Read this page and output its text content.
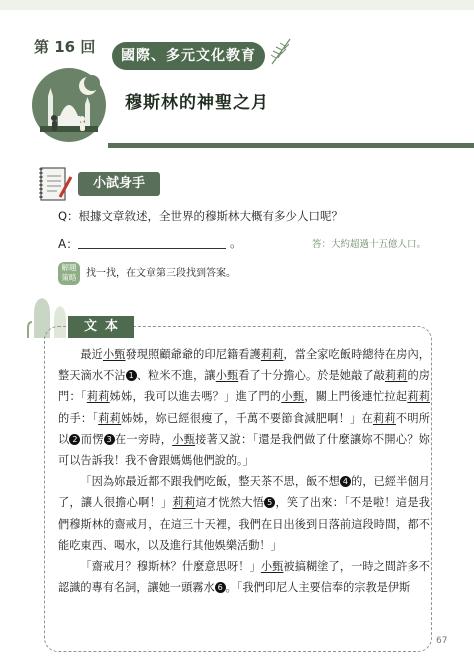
第 16 回	國際、多元文化教育
穆斯林的神聖之月
小試身手
Q：根據文章敘述，全世界的穆斯林大概有多少人口呢？
A：	。	答：大約超過十五億人口。
解題策略 找一找，在文章第三段找到答案。
文本

最近小甄發現照顧爺爺的印尼籍看護莉莉，當全家吃飯時總待在房內，整天滴水不沾 1 、粒米不進，讓小甄看了十分擔心。於是她敲了敲莉莉的房門：「莉莉姊姊，我可以進去嗎？」進了門的小甄，關上門後連忙拉起莉莉的手：「莉莉姊姊，妳已經很瘦了，千萬不要節食減肥啊！」在莉莉不明所以 2 而愣 3 在一旁時，小甄接著又說：「還是我們做了什麼讓妳不開心？妳可以告訴我！我不會跟媽媽他們說的。」

「因為妳最近都不跟我們吃飯，整天茶不思，飯不想 4 的，已經半個月了，讓人很擔心啊！」莉莉這才恍然大悟 5 ，笑了出來：「不是啦！這是我們穆斯林的齋戒月，在這三十天裡，我們在日出後到日落前這段時間，都不能吃東西、喝水，以及進行其他娛樂活動！」

「齋戒月？穆斯林？什麼意思呀！」小甄被搞糊塗了，一時之間許多不認識的專有名詞，讓她一頭霧水 6 。「我們印尼人主要信奉的宗教是伊斯

67
